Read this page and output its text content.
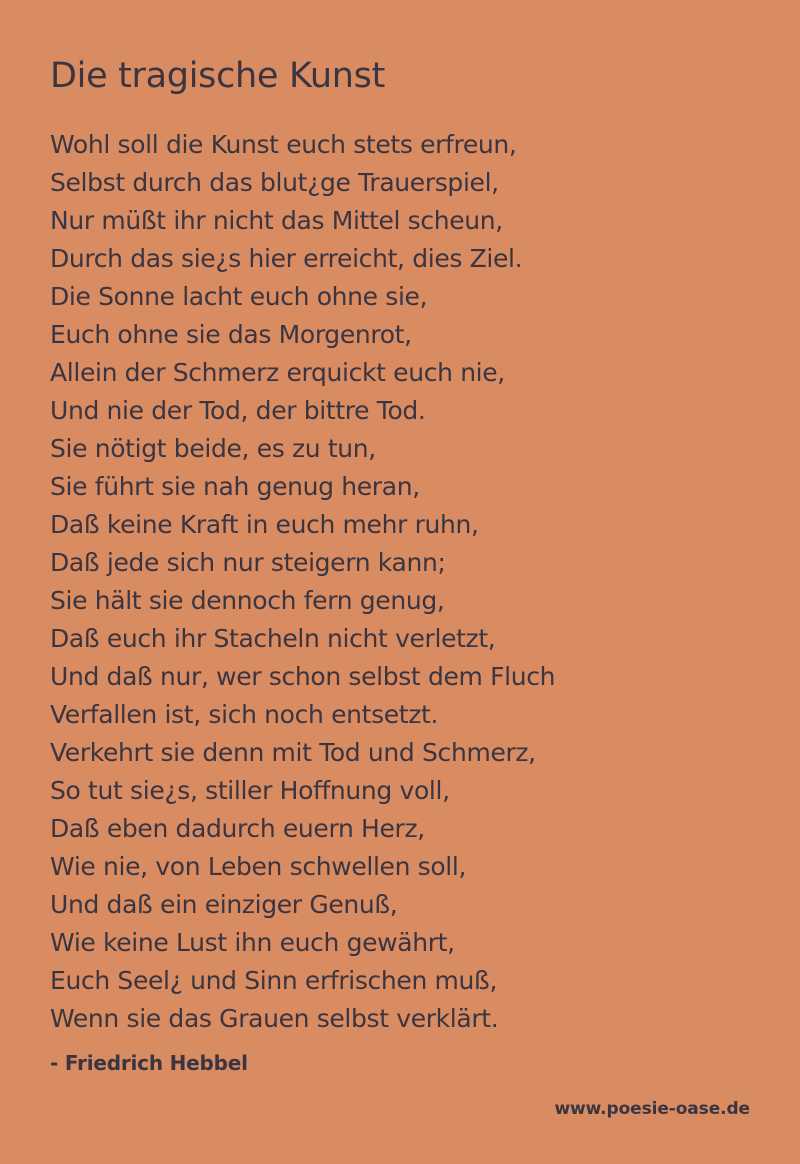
Die tragische Kunst
Wohl soll die Kunst euch stets erfreun,
Selbst durch das blut¿ge Trauerspiel,
Nur müßt ihr nicht das Mittel scheun,
Durch das sie¿s hier erreicht, dies Ziel.
Die Sonne lacht euch ohne sie,
Euch ohne sie das Morgenrot,
Allein der Schmerz erquickt euch nie,
Und nie der Tod, der bittre Tod.
Sie nötigt beide, es zu tun,
Sie führt sie nah genug heran,
Daß keine Kraft in euch mehr ruhn,
Daß jede sich nur steigern kann;
Sie hält sie dennoch fern genug,
Daß euch ihr Stacheln nicht verletzt,
Und daß nur, wer schon selbst dem Fluch
Verfallen ist, sich noch entsetzt.
Verkehrt sie denn mit Tod und Schmerz,
So tut sie¿s, stiller Hoffnung voll,
Daß eben dadurch euern Herz,
Wie nie, von Leben schwellen soll,
Und daß ein einziger Genuß,
Wie keine Lust ihn euch gewährt,
Euch Seel¿ und Sinn erfrischen muß,
Wenn sie das Grauen selbst verklärt.
- Friedrich Hebbel
www.poesie-oase.de
